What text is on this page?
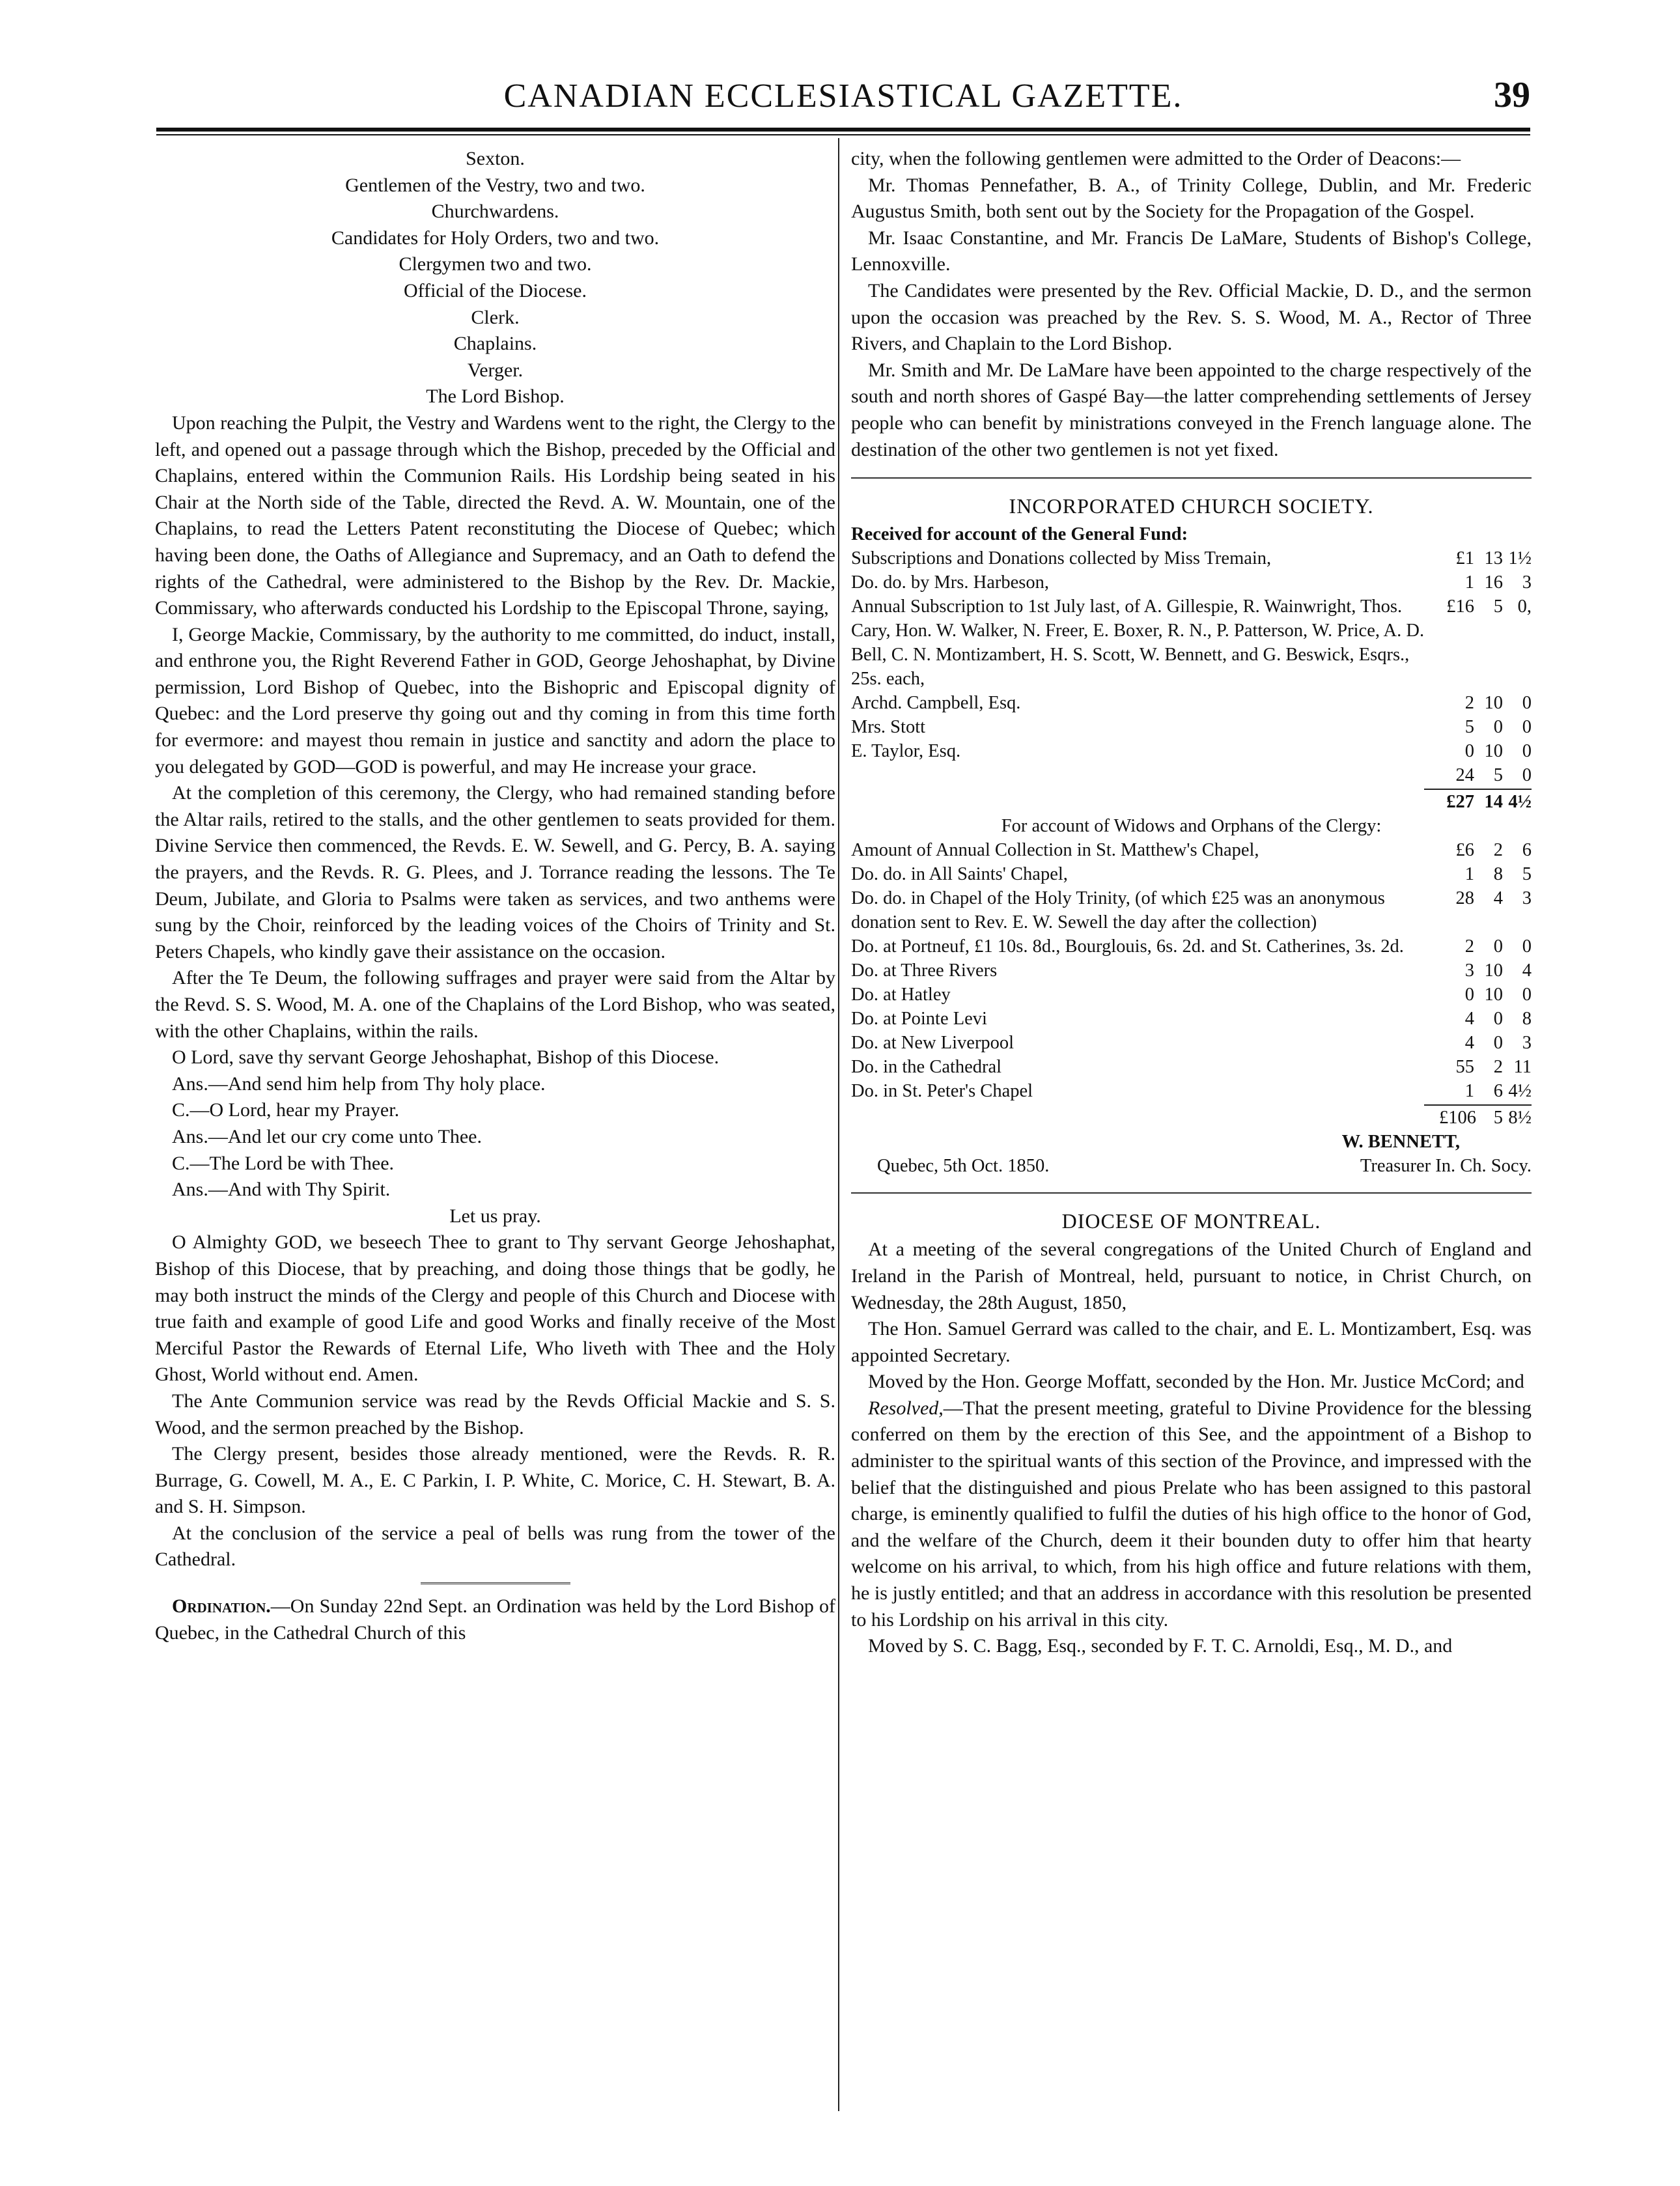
CANADIAN ECCLESIASTICAL GAZETTE.	39

Sexton.

Gentlemen of the Vestry, two and two.

Churchwardens.

Candidates for Holy Orders, two and two.

Clergymen two and two.

Official of the Diocese.

Clerk.

Chaplains.

Verger.

The Lord Bishop.

Upon reaching the Pulpit, the Vestry and Wardens went to the right, the Clergy to the left, and opened out a passage through which the Bishop, preceded by the Official and Chaplains, entered within the Communion Rails. His Lordship being seated in his Chair at the North side of the Table, directed the Revd. A. W. Mountain, one of the Chaplains, to read the Letters Patent reconstituting the Diocese of Quebec; which having been done, the Oaths of Allegiance and Supremacy, and an Oath to defend the rights of the Cathedral, were administered to the Bishop by the Rev. Dr. Mackie, Commissary, who afterwards conducted his Lordship to the Episcopal Throne, saying,

I, George Mackie, Commissary, by the authority to me committed, do induct, install, and enthrone you, the Right Reverend Father in GOD, George Jehoshaphat, by Divine permission, Lord Bishop of Quebec, into the Bishopric and Episcopal dignity of Quebec: and the Lord preserve thy going out and thy coming in from this time forth for evermore: and mayest thou remain in justice and sanctity and adorn the place to you delegated by GOD—GOD is powerful, and may He increase your grace.

At the completion of this ceremony, the Clergy, who had remained standing before the Altar rails, retired to the stalls, and the other gentlemen to seats provided for them. Divine Service then commenced, the Revds. E. W. Sewell, and G. Percy, B. A. saying the prayers, and the Revds. R. G. Plees, and J. Torrance reading the lessons. The Te Deum, Jubilate, and Gloria to Psalms were taken as services, and two anthems were sung by the Choir, reinforced by the leading voices of the Choirs of Trinity and St. Peters Chapels, who kindly gave their assistance on the occasion.

After the Te Deum, the following suffrages and prayer were said from the Altar by the Revd. S. S. Wood, M. A. one of the Chaplains of the Lord Bishop, who was seated, with the other Chaplains, within the rails.

O Lord, save thy servant George Jehoshaphat, Bishop of this Diocese.

Ans.—And send him help from Thy holy place.

C.—O Lord, hear my Prayer.

Ans.—And let our cry come unto Thee.

C.—The Lord be with Thee.

Ans.—And with Thy Spirit.

Let us pray.

O Almighty GOD, we beseech Thee to grant to Thy servant George Jehoshaphat, Bishop of this Diocese, that by preaching, and doing those things that be godly, he may both instruct the minds of the Clergy and people of this Church and Diocese with true faith and example of good Life and good Works and finally receive of the Most Merciful Pastor the Rewards of Eternal Life, Who liveth with Thee and the Holy Ghost, World without end. Amen.

The Ante Communion service was read by the Revds Official Mackie and S. S. Wood, and the sermon preached by the Bishop.

The Clergy present, besides those already mentioned, were the Revds. R. R. Burrage, G. Cowell, M. A., E. C Parkin, I. P. White, C. Morice, C. H. Stewart, B. A. and S. H. Simpson.

At the conclusion of the service a peal of bells was rung from the tower of the Cathedral.

Ordination.—On Sunday 22nd Sept. an Ordination was held by the Lord Bishop of Quebec, in the Cathedral Church of this

city, when the following gentlemen were admitted to the Order of Deacons:—

Mr. Thomas Pennefather, B. A., of Trinity College, Dublin, and Mr. Frederic Augustus Smith, both sent out by the Society for the Propagation of the Gospel.

Mr. Isaac Constantine, and Mr. Francis De LaMare, Students of Bishop's College, Lennoxville.

The Candidates were presented by the Rev. Official Mackie, D. D., and the sermon upon the occasion was preached by the Rev. S. S. Wood, M. A., Rector of Three Rivers, and Chaplain to the Lord Bishop.

Mr. Smith and Mr. De LaMare have been appointed to the charge respectively of the south and north shores of Gaspé Bay—the latter comprehending settlements of Jersey people who can benefit by ministrations conveyed in the French language alone. The destination of the other two gentlemen is not yet fixed.

INCORPORATED CHURCH SOCIETY.
Received for account of the General Fund:
Subscriptions and Donations collected by Miss Tremain,	£1 13 1½
Do. do. by Mrs. Harbeson,	1 16	3
Annual Subscription to 1st July last, of A. Gillespie, R. Wainwright, Thos. Cary, Hon. W. Walker, N. Freer, E. Boxer, R. N., P. Patterson, W. Price, A. D. Bell, C. N. Montizambert, H. S. Scott, W. Bennett, and G. Beswick, Esqrs., 25s. each,
£16	5 0,
Archd. Campbell, Esq.	2 10	0
Mrs. Stott	5	0	0
E. Taylor, Esq.	0 10	0
24	5	0
£27 14 4½
For account of Widows and Orphans of the Clergy:
Amount of Annual Collection in St. Matthew's Chapel,	£6	2	6
Do. do. in All Saints' Chapel,	1	8	5
Do. do. in Chapel of the Holy Trinity, (of which £25 was an anonymous donation sent to Rev. E. W. Sewell the day after the collection)
28	4	3
Do. at Portneuf, £1 10s. 8d., Bourglouis, 6s. 2d. and St. Catherines, 3s. 2d.	2	0	0
Do. at Three Rivers	3 10	4
Do. at Hatley	0 10	0
Do. at Pointe Levi	4	0	8
Do. at New Liverpool	4	0	3
Do. in the Cathedral	55	2 11
Do. in St. Peter's Chapel	1	6 4½
£106 5 8½
W. BENNETT,
Quebec, 5th Oct. 1850.	Treasurer In. Ch. Socy.
DIOCESE OF MONTREAL.

At a meeting of the several congregations of the United Church of England and Ireland in the Parish of Montreal, held, pursuant to notice, in Christ Church, on Wednesday, the 28th August, 1850,

The Hon. Samuel Gerrard was called to the chair, and E. L. Montizambert, Esq. was appointed Secretary.

Moved by the Hon. George Moffatt, seconded by the Hon. Mr. Justice McCord; and

Resolved,—That the present meeting, grateful to Divine Providence for the blessing conferred on them by the erection of this See, and the appointment of a Bishop to administer to the spiritual wants of this section of the Province, and impressed with the belief that the distinguished and pious Prelate who has been assigned to this pastoral charge, is eminently qualified to fulfil the duties of his high office to the honor of God, and the welfare of the Church, deem it their bounden duty to offer him that hearty welcome on his arrival, to which, from his high office and future relations with them, he is justly entitled; and that an address in accordance with this resolution be presented to his Lordship on his arrival in this city.

Moved by S. C. Bagg, Esq., seconded by F. T. C. Arnoldi, Esq., M. D., and
